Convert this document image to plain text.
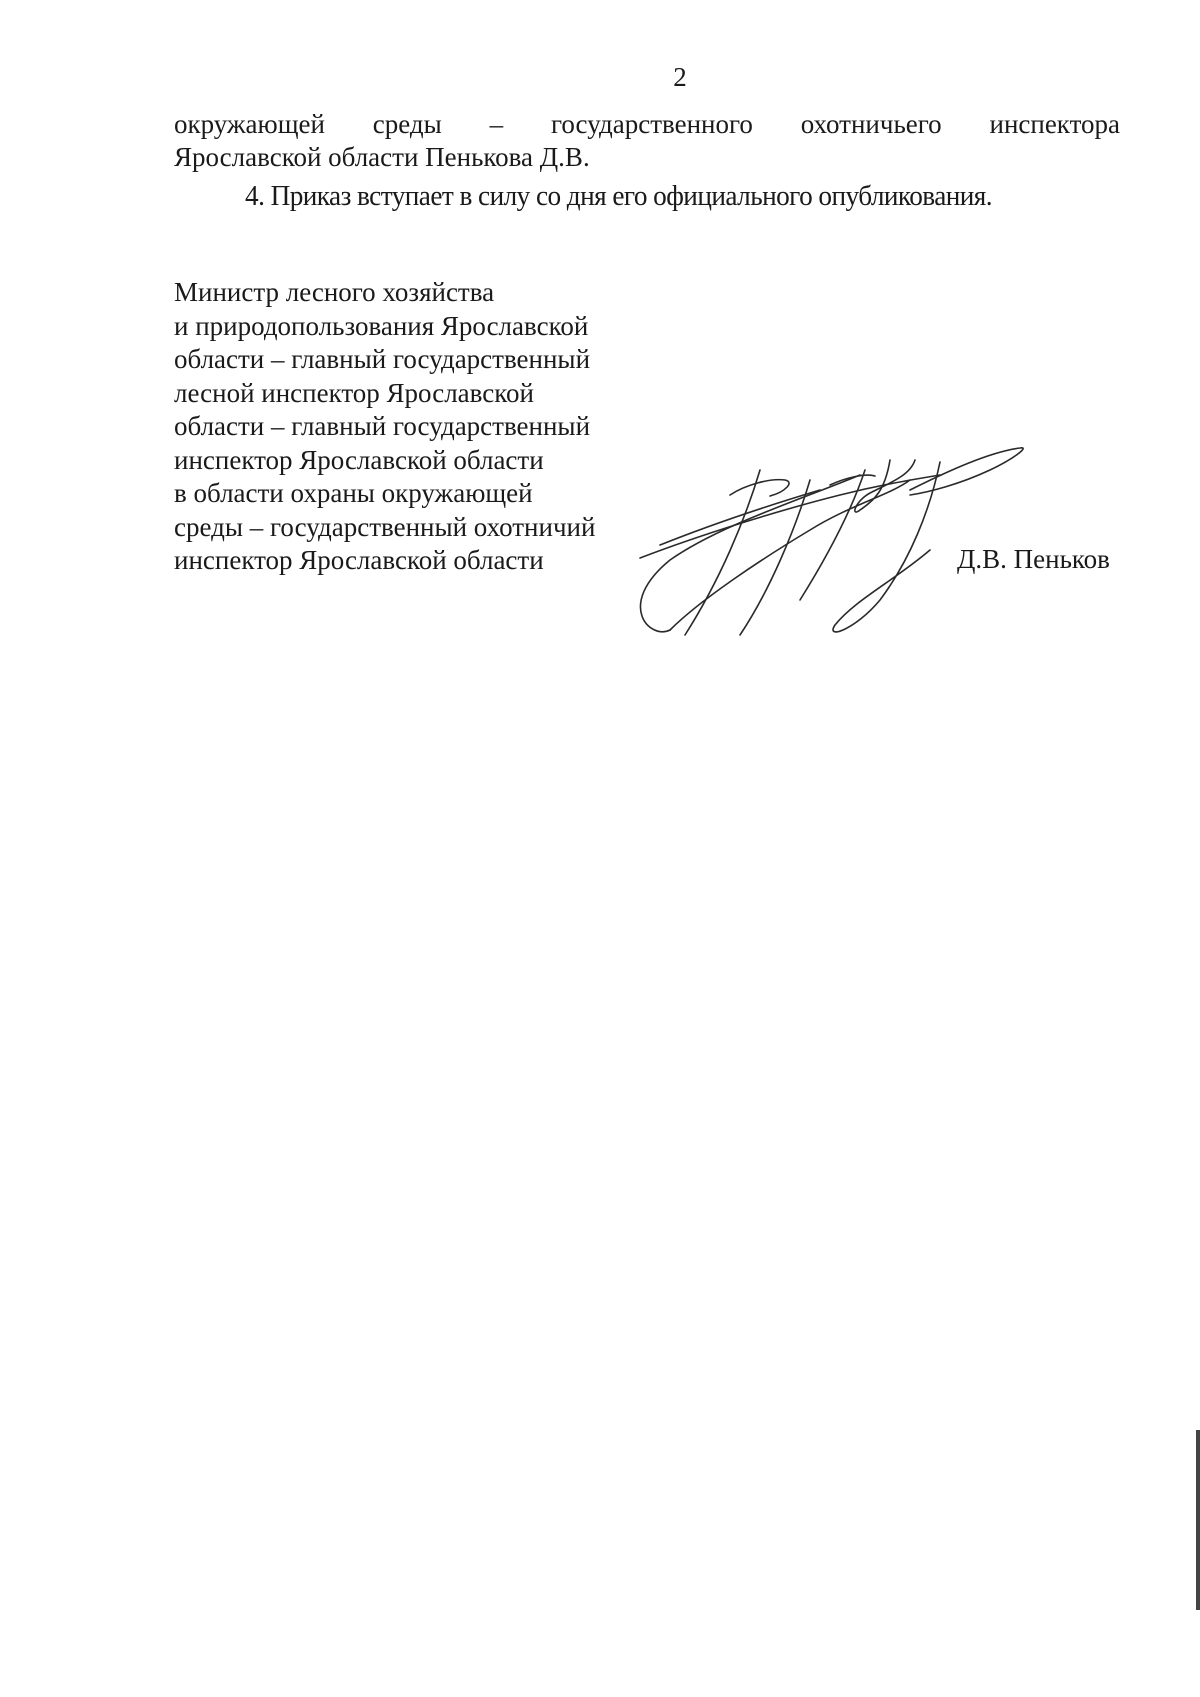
2
окружающей среды – государственного охотничьего инспектора
Ярославской области Пенькова Д.В.
4. Приказ вступает в силу со дня его официального опубликования.
Министр лесного хозяйства
и природопользования Ярославской
области – главный государственный
лесной инспектор Ярославской
области – главный государственный
инспектор Ярославской области
в области охраны окружающей
среды – государственный охотничий
инспектор Ярославской области	Д.В. Пеньков
